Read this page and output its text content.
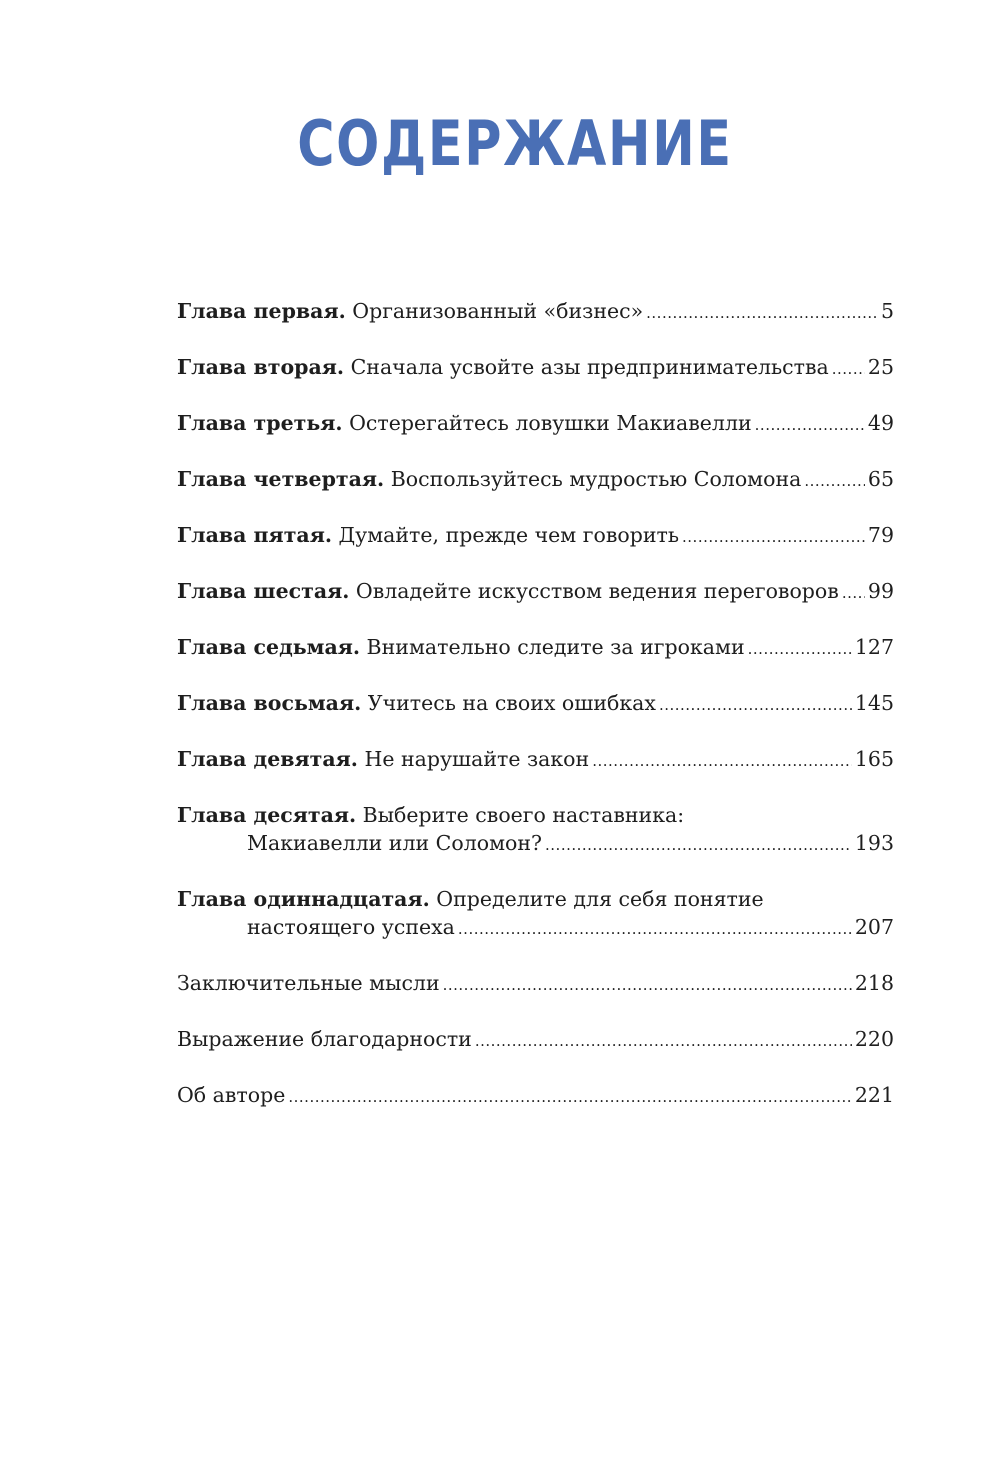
СОДЕРЖАНИЕ
Глава первая. Организованный «бизнес» .....	5
Глава вторая. Сначала усвойте азы предпринимательства ..... 25
Глава третья. Остерегайтесь ловушки Макиавелли .....	49
Глава четвертая. Воспользуйтесь мудростью Соломона .....	65
Глава пятая. Думайте, прежде чем говорить .....	79
Глава шестая. Овладейте искусством ведения переговоров ..... 99
Глава седьмая. Внимательно следите за игроками .....	127
Глава восьмая. Учитесь на своих ошибках .....	145
Глава девятая. Не нарушайте закон .....	165
Глава десятая. Выберите своего наставника:
Макиавелли или Соломон? .....	193
Глава одиннадцатая. Определите для себя понятие
настоящего успеха .....	207
Заключительные мысли .....	218
Выражение благодарности .....	220
Об авторе .....	221
